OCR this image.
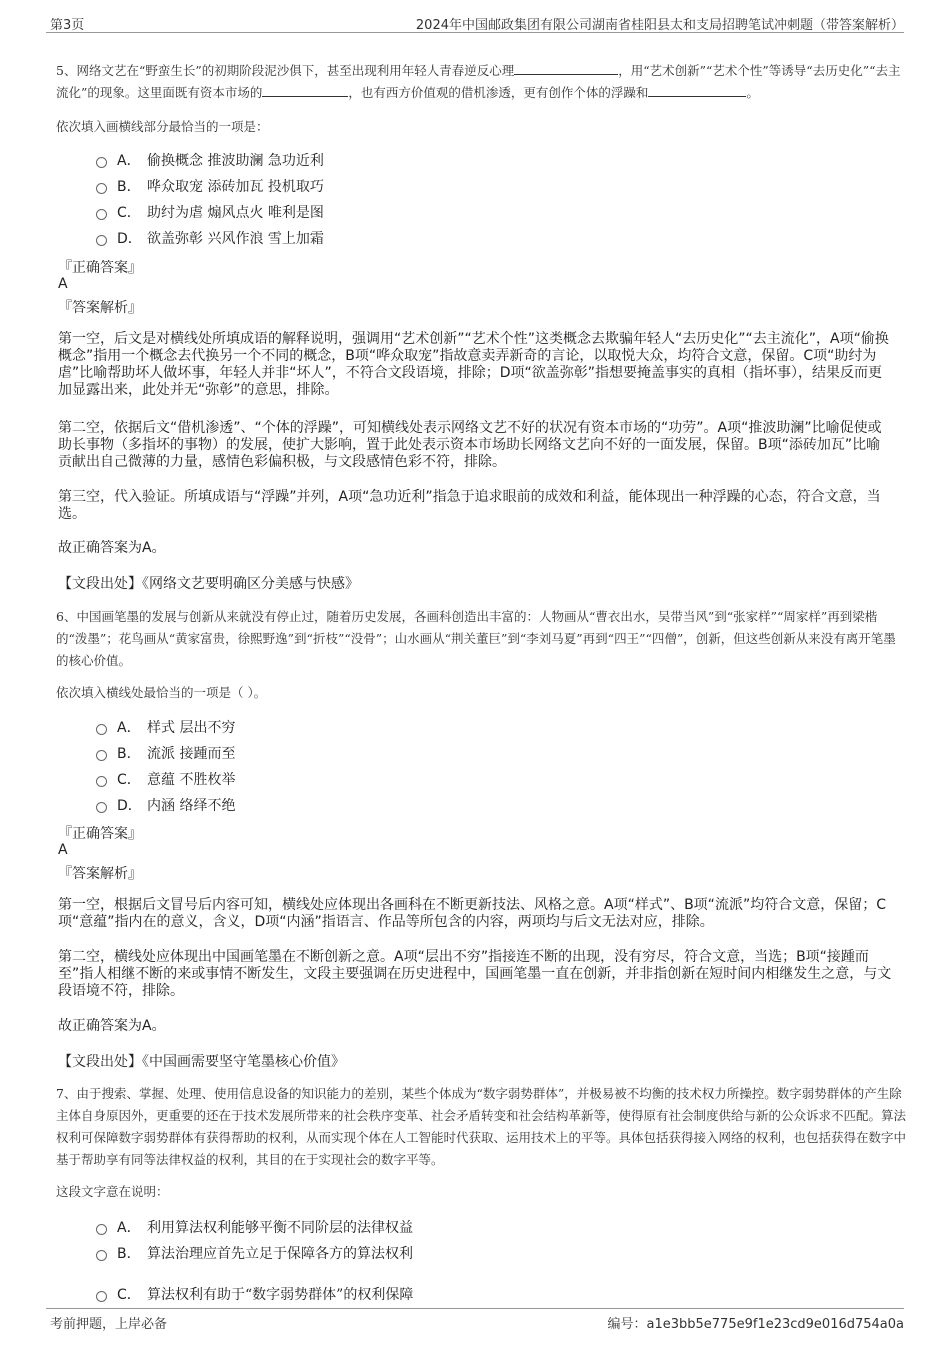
第3页	2024年中国邮政集团有限公司湖南省桂阳县太和支局招聘笔试冲刺题（带答案解析）
5、网络文艺在“野蛮生长”的初期阶段泥沙俱下，甚至出现利用年轻人青春逆反心理	，用“艺术创新”“艺术个性”等诱导“去历史化”“去主流化”的现象。这里面既有资本市场的	，也有西方价值观的借机渗透，更有创作个体的浮躁和	。
依次填入画横线部分最恰当的一项是：
A． 偷换概念 推波助澜 急功近利
B． 哗众取宠 添砖加瓦 投机取巧
C． 助纣为虐 煽风点火 唯利是图
D． 欲盖弥彰 兴风作浪 雪上加霜
『正确答案』
A
『答案解析』
第一空，后文是对横线处所填成语的解释说明，强调用“艺术创新”“艺术个性”这类概念去欺骗年轻人“去历史化”“去主流化”，A项“偷换概念”指用一个概念去代换另一个不同的概念，B项“哗众取宠”指故意卖弄新奇的言论，以取悦大众，均符合文意，保留。C项“助纣为虐”比喻帮助坏人做坏事，年轻人并非“坏人”，不符合文段语境，排除；D项“欲盖弥彰”指想要掩盖事实的真相（指坏事），结果反而更加显露出来，此处并无“弥彰”的意思，排除。
第二空，依据后文“借机渗透”、“个体的浮躁”，可知横线处表示网络文艺不好的状况有资本市场的“功劳”。A项“推波助澜”比喻促使或助长事物（多指坏的事物）的发展，使扩大影响，置于此处表示资本市场助长网络文艺向不好的一面发展，保留。B项“添砖加瓦”比喻贡献出自己微薄的力量，感情色彩偏积极，与文段感情色彩不符，排除。
第三空，代入验证。所填成语与“浮躁”并列，A项“急功近利”指急于追求眼前的成效和利益，能体现出一种浮躁的心态，符合文意，当选。
故正确答案为A。
【文段出处】《网络文艺要明确区分美感与快感》
6、中国画笔墨的发展与创新从来就没有停止过，随着历史发展，各画科创造出丰富的：人物画从“曹衣出水，吴带当风”到“张家样”“周家样”再到梁楷的“泼墨”；花鸟画从“黄家富贵，徐熙野逸”到“折枝”“没骨”；山水画从“荆关董巨”到“李刘马夏”再到“四王”“四僧”，创新，但这些创新从来没有离开笔墨的核心价值。
依次填入横线处最恰当的一项是（ ）。
A． 样式 层出不穷
B． 流派 接踵而至
C． 意蕴 不胜枚举
D． 内涵 络绎不绝
『正确答案』
A
『答案解析』
第一空，根据后文冒号后内容可知，横线处应体现出各画科在不断更新技法、风格之意。A项“样式”、B项“流派”均符合文意，保留；C项“意蕴”指内在的意义，含义，D项“内涵”指语言、作品等所包含的内容，两项均与后文无法对应，排除。
第二空，横线处应体现出中国画笔墨在不断创新之意。A项“层出不穷”指接连不断的出现，没有穷尽，符合文意，当选；B项“接踵而至”指人相继不断的来或事情不断发生，文段主要强调在历史进程中，国画笔墨一直在创新，并非指创新在短时间内相继发生之意，与文段语境不符，排除。
故正确答案为A。
【文段出处】《中国画需要坚守笔墨核心价值》
7、由于搜索、掌握、处理、使用信息设备的知识能力的差别，某些个体成为“数字弱势群体”，并极易被不均衡的技术权力所操控。数字弱势群体的产生除主体自身原因外，更重要的还在于技术发展所带来的社会秩序变革、社会矛盾转变和社会结构革新等，使得原有社会制度供给与新的公众诉求不匹配。算法权利可保障数字弱势群体有获得帮助的权利，从而实现个体在人工智能时代获取、运用技术上的平等。具体包括获得接入网络的权利，也包括获得在数字中基于帮助享有同等法律权益的权利，其目的在于实现社会的数字平等。
这段文字意在说明：
A． 利用算法权利能够平衡不同阶层的法律权益
B． 算法治理应首先立足于保障各方的算法权利
C． 算法权利有助于“数字弱势群体”的权利保障
考前押题，上岸必备	编号：a1e3bb5e775e9f1e23cd9e016d754a0a
